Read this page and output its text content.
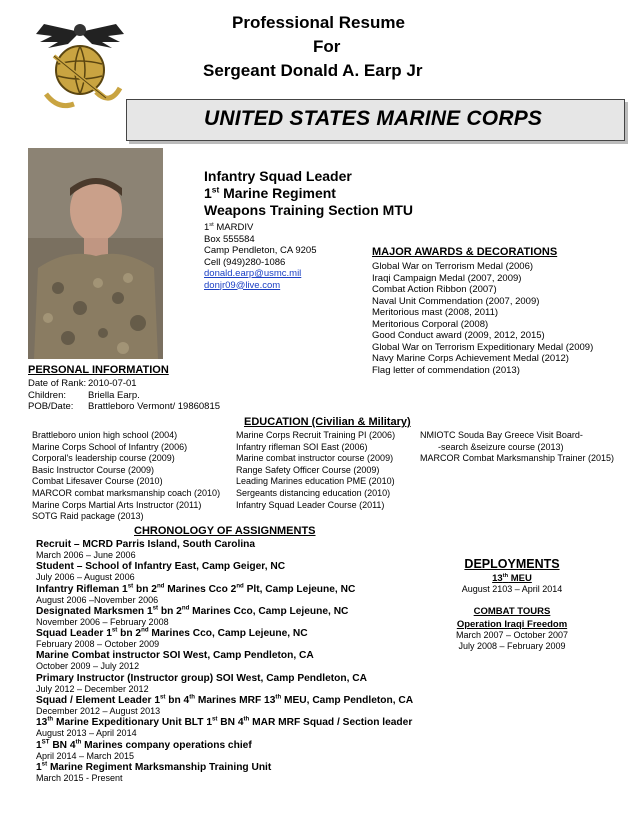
Professional Resume
For
Sergeant Donald A. Earp Jr
UNITED STATES MARINE CORPS
Infantry Squad Leader
1st Marine Regiment
Weapons Training Section MTU
1st MARDIV
Box 555584
Camp Pendleton, CA 9205
Cell (949)280-1086
donald.earp@usmc.mil
donjr09@live.com
MAJOR AWARDS & DECORATIONS
Global War on Terrorism Medal (2006)
Iraqi Campaign Medal (2007, 2009)
Combat Action Ribbon (2007)
Naval Unit Commendation (2007, 2009)
Meritorious mast (2008, 2011)
Meritorious Corporal (2008)
Good Conduct award (2009, 2012, 2015)
Global War on Terrorism Expeditionary Medal (2009)
Navy Marine Corps Achievement Medal (2012)
Flag letter of commendation (2013)
PERSONAL INFORMATION
Date of Rank: 2010-07-01
Children: Briella Earp.
POB/Date: Brattleboro Vermont/ 19860815
EDUCATION (Civilian & Military)
Brattleboro union high school (2004)
Marine Corps School of Infantry (2006)
Corporal's leadership course (2009)
Basic Instructor Course (2009)
Combat Lifesaver Course (2010)
MARCOR combat marksmanship coach (2010)
Marine Corps Martial Arts Instructor (2011)
SOTG Raid package (2013)
Marine Corps Recruit Training PI (2006)
Infantry rifleman SOI East (2006)
Marine combat instructor course (2009)
Range Safety Officer Course (2009)
Leading Marines education PME (2010)
Sergeants distancing education (2010)
Infantry Squad Leader Course (2011)
NMIOTC Souda Bay Greece Visit Board-
-search &seizure course (2013)
MARCOR Combat Marksmanship Trainer (2015)
CHRONOLOGY OF ASSIGNMENTS
Recruit – MCRD Parris Island, South Carolina
March 2006 – June 2006
Student – School of Infantry East, Camp Geiger, NC
July 2006 – August 2006
Infantry Rifleman 1st bn 2nd Marines Cco 2nd Plt, Camp Lejeune, NC
August 2006 –November 2006
Designated Marksmen 1st bn 2nd Marines Cco, Camp Lejeune, NC
November 2006 – February 2008
Squad Leader 1st bn 2nd Marines Cco, Camp Lejeune, NC
February 2008 – October 2009
Marine Combat instructor SOI West, Camp Pendleton, CA
October 2009 – July 2012
Primary Instructor (Instructor group) SOI West, Camp Pendleton, CA
July 2012 – December 2012
Squad / Element Leader 1st bn 4th Marines MRF 13th MEU, Camp Pendleton, CA
December 2012 – August 2013
13th Marine Expeditionary Unit BLT 1st BN 4th MAR MRF Squad / Section leader
August 2013 – April 2014
1ST BN 4th Marines company operations chief
April 2014 – March 2015
1st Marine Regiment Marksmanship Training Unit
March 2015 - Present
DEPLOYMENTS
13th MEU
August 2103 – April 2014
COMBAT TOURS
Operation Iraqi Freedom
March 2007 – October 2007
July 2008 – February 2009
